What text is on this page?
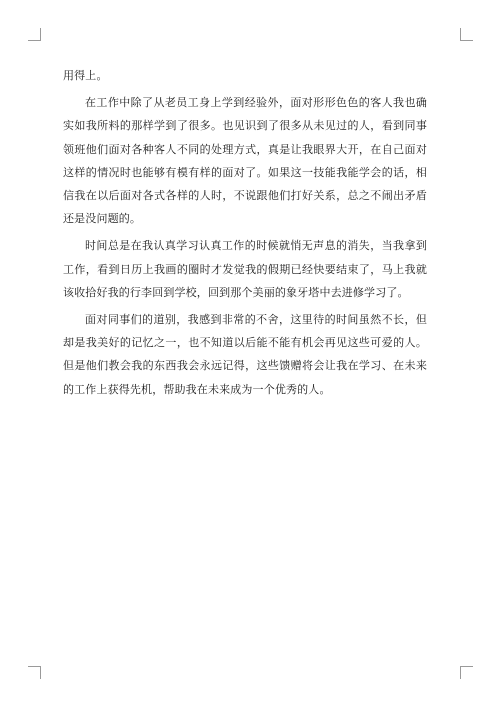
用得上。

在工作中除了从老员工身上学到经验外，面对形形色色的客人我也确实如我所料的那样学到了很多。也见识到了很多从未见过的人，看到同事领班他们面对各种客人不同的处理方式，真是让我眼界大开，在自己面对这样的情况时也能够有模有样的面对了。如果这一技能我能学会的话，相信我在以后面对各式各样的人时，不说跟他们打好关系，总之不闹出矛盾还是没问题的。

时间总是在我认真学习认真工作的时候就悄无声息的消失，当我拿到工作，看到日历上我画的圈时才发觉我的假期已经快要结束了，马上我就该收拾好我的行李回到学校，回到那个美丽的象牙塔中去进修学习了。

面对同事们的道别，我感到非常的不舍，这里待的时间虽然不长，但却是我美好的记忆之一，也不知道以后能不能有机会再见这些可爱的人。但是他们教会我的东西我会永远记得，这些馈赠将会让我在学习、在未来的工作上获得先机，帮助我在未来成为一个优秀的人。
